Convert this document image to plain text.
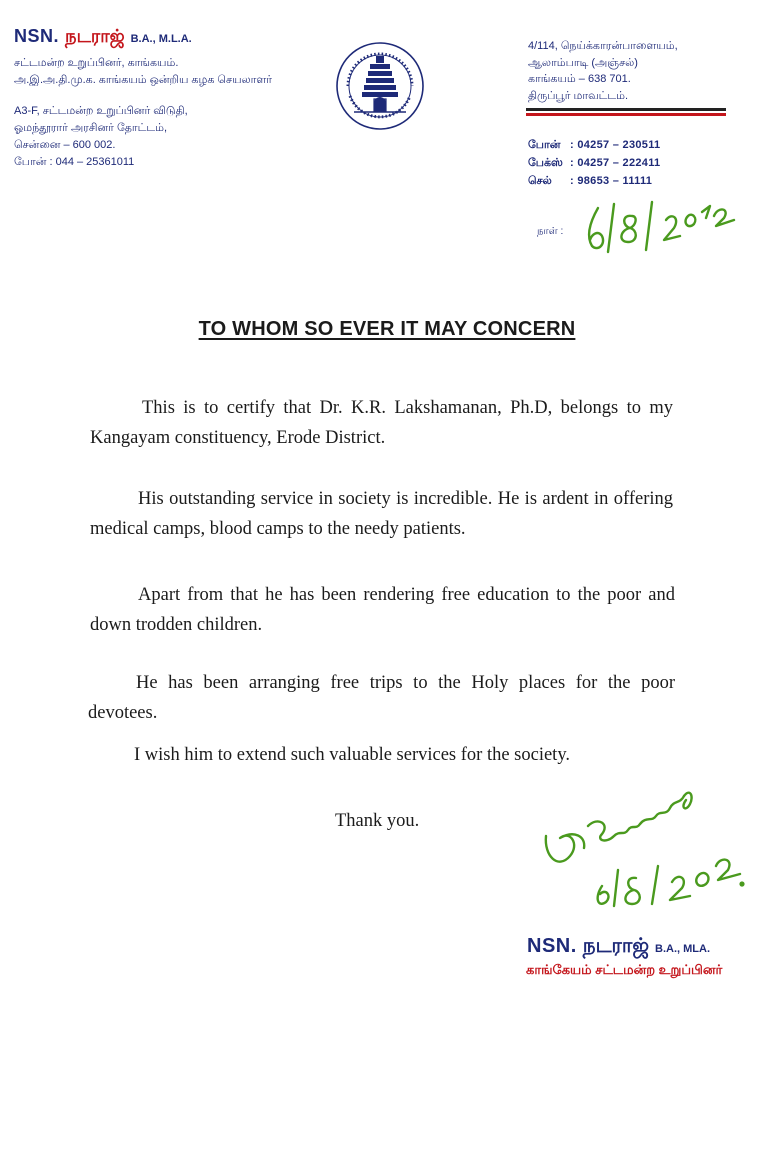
NSN. நடராஜ் B.A., M.L.A.
சட்டமன்ற உறுப்பினர், காங்கயம்.
அ.இ.அ.தி.மு.க. காங்கயம் ஒன்றிய கழக செயலாளர்
A3-F, சட்டமன்ற உறுப்பினர் விடுதி,
ஓமந்தூரார் அரசினர் தோட்டம்,
சென்னை – 600 002.
போன் : 044 – 25361011
4/114, நெய்க்காரன்பாளையம்,
ஆலாம்பாடி (அஞ்சல்)
காங்கயம் – 638 701.
திருப்பூர் மாவட்டம்.
போன் : 04257 – 230511
பேக்ஸ் : 04257 – 222411
செல்	: 98653 – 11111
நாள் :
TO WHOM SO EVER IT MAY CONCERN
This is to certify that Dr. K.R. Lakshamanan, Ph.D, belongs to my Kangayam constituency, Erode District.
His outstanding service in society is incredible. He is ardent in offering medical camps, blood camps to the needy patients.
Apart from that he has been rendering free education to the poor and down trodden children.
He has been arranging free trips to the Holy places for the poor devotees.
I wish him to extend such valuable services for the society.
Thank you.
NSN. நடராஜ் B.A., MLA.
காங்கேயம் சட்டமன்ற உறுப்பினர்
